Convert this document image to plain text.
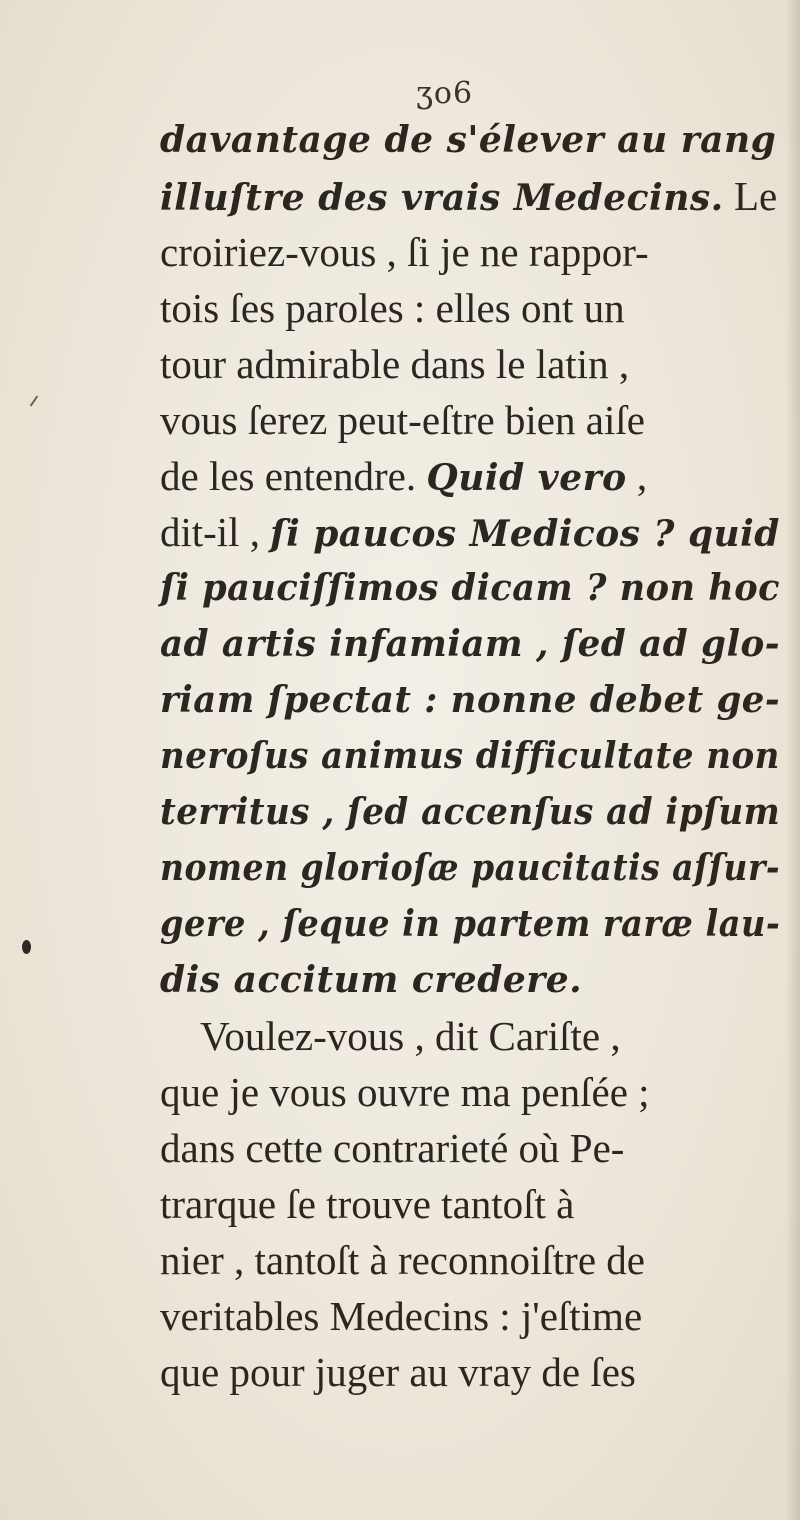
ʒo6
davantage de s'élever au rang
illuſtre des vrais Medecins. Le
croiriez-vous , ſi je ne rappor-
tois ſes paroles : elles ont un
tour admirable dans le latin ,
vous ſerez peut-eſtre bien aiſe
de les entendre. Quid vero ,
dit-il , ſi paucos Medicos ? quid
ſi pauciſſimos dicam ? non hoc
ad artis infamiam , ſed ad glo-
riam ſpectat : nonne debet ge-
neroſus animus difficultate non
territus , ſed accenſus ad ipſum
nomen glorioſæ paucitatis aſſur-
gere , ſeque in partem raræ lau-
dis accitum credere.
Voulez-vous , dit Cariſte ,
que je vous ouvre ma penſée ;
dans cette contrarieté où Pe-
trarque ſe trouve tantoſt à
nier , tantoſt à reconnoiſtre de
veritables Medecins : j'eſtime
que pour juger au vray de ſes
